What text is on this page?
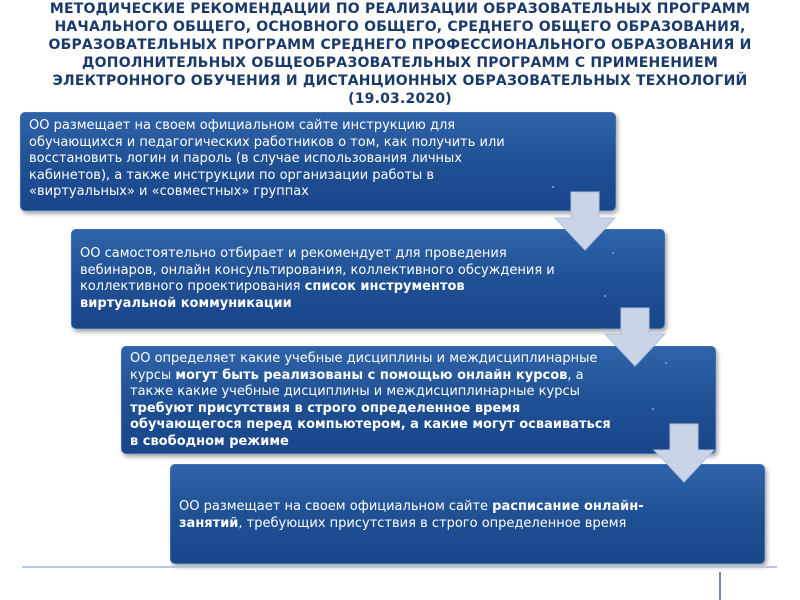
МЕТОДИЧЕСКИЕ РЕКОМЕНДАЦИИ ПО РЕАЛИЗАЦИИ ОБРАЗОВАТЕЛЬНЫХ ПРОГРАММ
НАЧАЛЬНОГО ОБЩЕГО, ОСНОВНОГО ОБЩЕГО, СРЕДНЕГО ОБЩЕГО ОБРАЗОВАНИЯ,
ОБРАЗОВАТЕЛЬНЫХ ПРОГРАММ СРЕДНЕГО ПРОФЕССИОНАЛЬНОГО ОБРАЗОВАНИЯ И
ДОПОЛНИТЕЛЬНЫХ ОБЩЕОБРАЗОВАТЕЛЬНЫХ ПРОГРАММ С ПРИМЕНЕНИЕМ
ЭЛЕКТРОННОГО ОБУЧЕНИЯ И ДИСТАНЦИОННЫХ ОБРАЗОВАТЕЛЬНЫХ ТЕХНОЛОГИЙ
(19.03.2020)
ОО размещает на своем официальном сайте инструкцию для
обучающихся и педагогических работников о том, как получить или
восстановить логин и пароль (в случае использования личных
кабинетов), а также инструкции по организации работы в
«виртуальных» и «совместных» группах
ОО самостоятельно отбирает и рекомендует для проведения
вебинаров, онлайн консультирования, коллективного обсуждения и
коллективного проектирования список инструментов
виртуальной коммуникации
ОО определяет какие учебные дисциплины и междисциплинарные
курсы могут быть реализованы с помощью онлайн курсов, а
также какие учебные дисциплины и междисциплинарные курсы
требуют присутствия в строго определенное время
обучающегося перед компьютером, а какие могут осваиваться
в свободном режиме
ОО размещает на своем официальном сайте расписание онлайн-
занятий, требующих присутствия в строго определенное время
